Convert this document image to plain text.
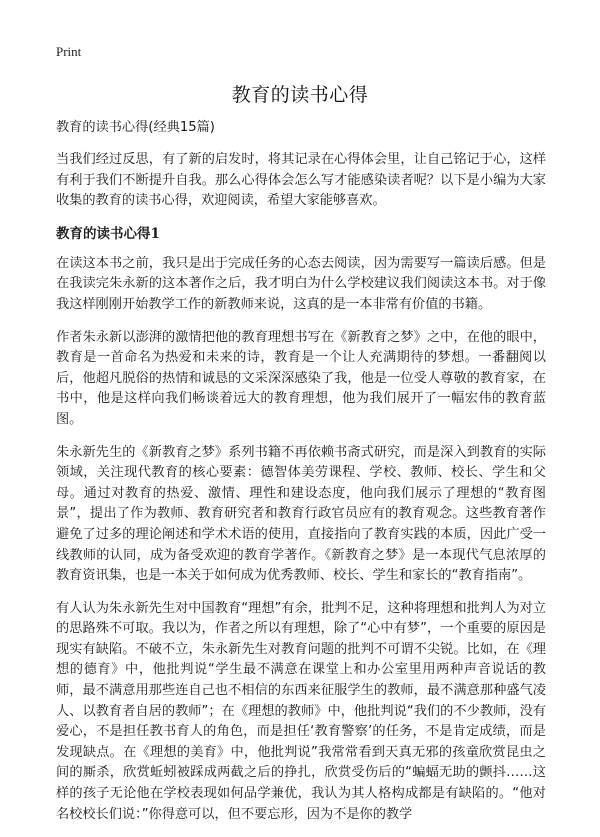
Print
教育的读书心得

教育的读书心得(经典15篇)

当我们经过反思，有了新的启发时，将其记录在心得体会里，让自己铭记于心，这样有利于我们不断提升自我。那么心得体会怎么写才能感染读者呢？以下是小编为大家收集的教育的读书心得，欢迎阅读，希望大家能够喜欢。

教育的读书心得1

在读这本书之前，我只是出于完成任务的心态去阅读，因为需要写一篇读后感。但是在我读完朱永新的这本著作之后，我才明白为什么学校建议我们阅读这本书。对于像我这样刚刚开始教学工作的新教师来说，这真的是一本非常有价值的书籍。

作者朱永新以澎湃的激情把他的教育理想书写在《新教育之梦》之中，在他的眼中，教育是一首命名为热爱和未来的诗，教育是一个让人充满期待的梦想。一番翻阅以后，他超凡脱俗的热情和诚恳的文采深深感染了我，他是一位受人尊敬的教育家，在书中，他是这样向我们畅谈着远大的教育理想，他为我们展开了一幅宏伟的教育蓝图。

朱永新先生的《新教育之梦》系列书籍不再依赖书斋式研究，而是深入到教育的实际领域，关注现代教育的核心要素：德智体美劳课程、学校、教师、校长、学生和父母。通过对教育的热爱、激情、理性和建设态度，他向我们展示了理想的“教育图景”，提出了作为教师、教育研究者和教育行政官员应有的教育观念。这些教育著作避免了过多的理论阐述和学术术语的使用，直接指向了教育实践的本质，因此广受一线教师的认同，成为备受欢迎的教育学著作。《新教育之梦》是一本现代气息浓厚的教育资讯集，也是一本关于如何成为优秀教师、校长、学生和家长的“教育指南”。

有人认为朱永新先生对中国教育“理想”有余，批判不足，这种将理想和批判人为对立的思路殊不可取。我以为，作者之所以有理想，除了“心中有梦”，一个重要的原因是现实有缺陷。不破不立，朱永新先生对教育问题的批判不可谓不尖锐。比如，在《理想的德育》中，他批判说“学生最不满意在课堂上和办公室里用两种声音说话的教师，最不满意用那些连自己也不相信的东西来征服学生的教师，最不满意那种盛气凌人、以教育者自居的教师”；在《理想的教师》中，他批判说“我们的不少教师，没有爱心，不是担任教书育人的角色，而是担任‘教育警察’的任务，不是肯定成绩，而是发现缺点。在《理想的美育》中，他批判说”我常常看到天真无邪的孩童欣赏昆虫之间的厮杀，欣赏蚯蚓被踩成两截之后的挣扎，欣赏受伤后的“蝙蝠无助的颤抖……这样的孩子无论他在学校表现如何品学兼优，我认为其人格构成都是有缺陷的。“他对名校校长们说：”你得意可以，但不要忘形，因为不是你的教学
